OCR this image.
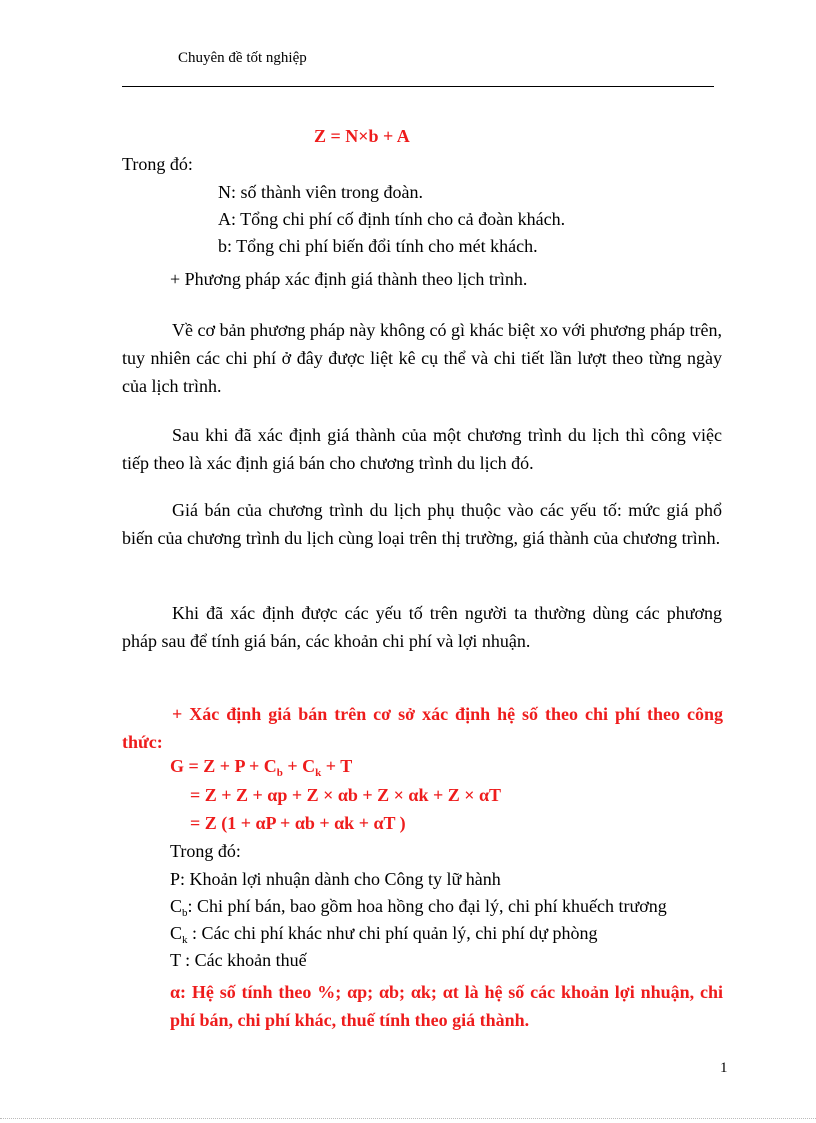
Chuyên đề tốt nghiệp
Z = N×b + A
Trong đó:
N: số thành viên trong đoàn.
A: Tổng chi phí cố định tính cho cả đoàn khách.
b: Tổng chi phí biến đổi tính cho mét khách.
+ Phương pháp xác định giá thành theo lịch trình.
Về cơ bản phương pháp này không có gì khác biệt xo với phương pháp trên, tuy nhiên các chi phí ở đây được liệt kê cụ thể và chi tiết lần lượt theo từng ngày của lịch trình.
Sau khi đã xác định giá thành của một chương trình du lịch thì công việc tiếp theo là xác định giá bán cho chương trình du lịch đó.
Giá bán của chương trình du lịch phụ thuộc vào các yếu tố: mức giá phổ biến của chương trình du lịch cùng loại trên thị trường, giá thành của chương trình.
Khi đã xác định được các yếu tố trên người ta thường dùng các phương pháp sau để tính giá bán, các khoản chi phí và lợi nhuận.
+ Xác định giá bán trên cơ sở xác định hệ số theo chi phí theo công thức:
$G = Z + P + C_b + C_k + T$
= Z + Z + αp + Z × αb + Z × αk + Z × αT
= Z (1 + αP + αb + αk + αT )
Trong đó:
P: Khoản lợi nhuận dành cho Công ty lữ hành
$C_b$: Chi phí bán, bao gồm hoa hồng cho đại lý, chi phí khuếch trương
$C_k$ : Các chi phí khác như chi phí quản lý, chi phí dự phòng
T : Các khoản thuế
α: Hệ số tính theo %; αp; αb; αk; αt là hệ số các khoản lợi nhuận, chi phí bán, chi phí khác, thuế tính theo giá thành.
1
